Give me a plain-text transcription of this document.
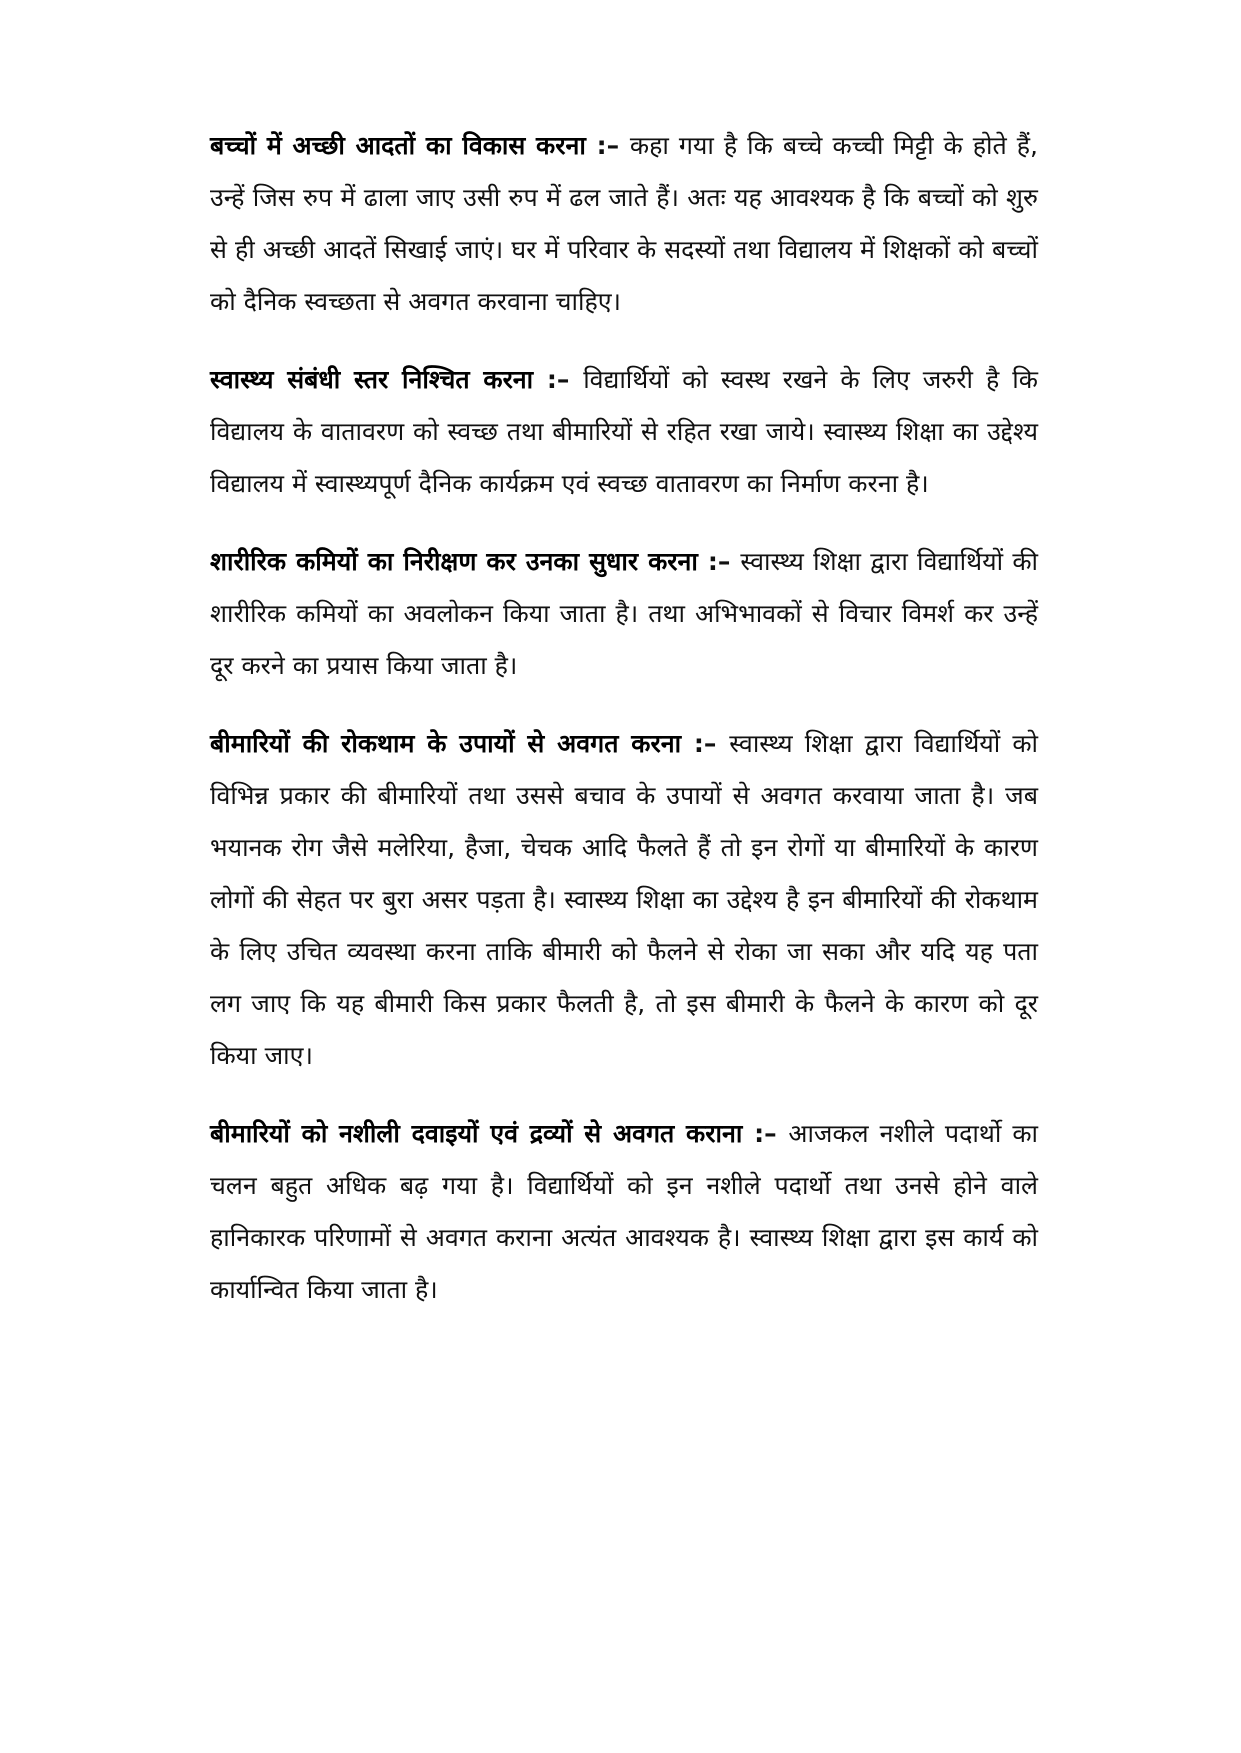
बच्चों में अच्छी आदतों का विकास करना :– कहा गया है कि बच्चे कच्ची मिट्टी के होते हैं, उन्हें जिस रुप में ढाला जाए उसी रुप में ढल जाते हैं। अतः यह आवश्यक है कि बच्चों को शुरु से ही अच्छी आदतें सिखाई जाएं। घर में परिवार के सदस्यों तथा विद्यालय में शिक्षकों को बच्चों को दैनिक स्वच्छता से अवगत करवाना चाहिए।

स्वास्थ्य संबंधी स्तर निश्चित करना :– विद्यार्थियों को स्वस्थ रखने के लिए जरुरी है कि विद्यालय के वातावरण को स्वच्छ तथा बीमारियों से रहित रखा जाये। स्वास्थ्य शिक्षा का उद्देश्य विद्यालय में स्वास्थ्यपूर्ण दैनिक कार्यक्रम एवं स्वच्छ वातावरण का निर्माण करना है।

शारीरिक कमियों का निरीक्षण कर उनका सुधार करना :– स्वास्थ्य शिक्षा द्वारा विद्यार्थियों की शारीरिक कमियों का अवलोकन किया जाता है। तथा अभिभावकों से विचार विमर्श कर उन्हें दूर करने का प्रयास किया जाता है।

बीमारियों की रोकथाम के उपायों से अवगत करना :– स्वास्थ्य शिक्षा द्वारा विद्यार्थियों को विभिन्न प्रकार की बीमारियों तथा उससे बचाव के उपायों से अवगत करवाया जाता है। जब भयानक रोग जैसे मलेरिया, हैजा, चेचक आदि फैलते हैं तो इन रोगों या बीमारियों के कारण लोगों की सेहत पर बुरा असर पड़ता है। स्वास्थ्य शिक्षा का उद्देश्य है इन बीमारियों की रोकथाम के लिए उचित व्यवस्था करना ताकि बीमारी को फैलने से रोका जा सका और यदि यह पता लग जाए कि यह बीमारी किस प्रकार फैलती है, तो इस बीमारी के फैलने के कारण को दूर किया जाए।

बीमारियों को नशीली दवाइयों एवं द्रव्यों से अवगत कराना :– आजकल नशीले पदार्थो का चलन बहुत अधिक बढ़ गया है। विद्यार्थियों को इन नशीले पदार्थो तथा उनसे होने वाले हानिकारक परिणामों से अवगत कराना अत्यंत आवश्यक है। स्वास्थ्य शिक्षा द्वारा इस कार्य को कार्यान्वित किया जाता है।
